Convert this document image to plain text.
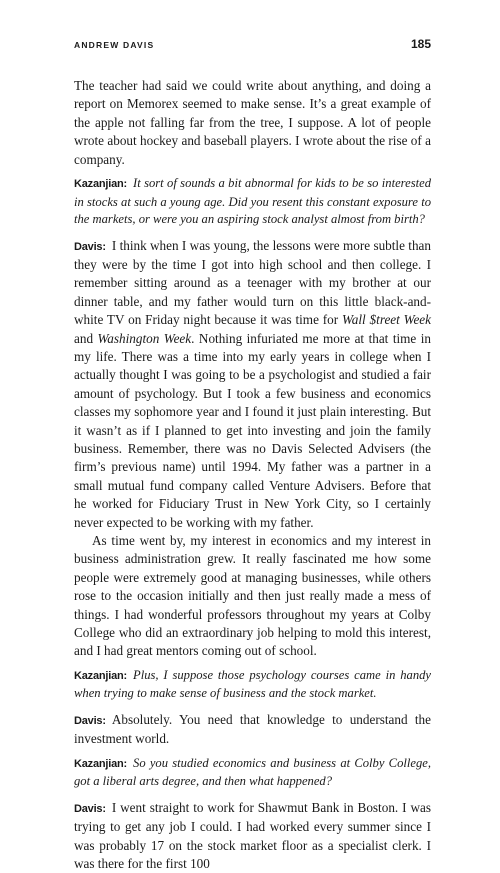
ANDREW DAVIS	185

The teacher had said we could write about anything, and doing a report on Memorex seemed to make sense. It’s a great example of the apple not falling far from the tree, I suppose. A lot of people wrote about hockey and baseball players. I wrote about the rise of a company.

Kazanjian: It sort of sounds a bit abnormal for kids to be so interested in stocks at such a young age. Did you resent this constant exposure to the markets, or were you an aspiring stock analyst almost from birth?

Davis: I think when I was young, the lessons were more subtle than they were by the time I got into high school and then college. I remember sitting around as a teenager with my brother at our dinner table, and my father would turn on this little black-and-white TV on Friday night because it was time for Wall $treet Week and Washington Week. Nothing infuriated me more at that time in my life. There was a time into my early years in college when I actually thought I was going to be a psychologist and studied a fair amount of psychology. But I took a few business and economics classes my sophomore year and I found it just plain interesting. But it wasn’t as if I planned to get into investing and join the family business. Remember, there was no Davis Selected Advisers (the firm’s previous name) until 1994. My father was a partner in a small mutual fund company called Venture Advisers. Before that he worked for Fiduciary Trust in New York City, so I certainly never expected to be working with my father.

As time went by, my interest in economics and my interest in business administration grew. It really fascinated me how some people were extremely good at managing businesses, while others rose to the occasion initially and then just really made a mess of things. I had wonderful professors throughout my years at Colby College who did an extraordinary job helping to mold this interest, and I had great mentors coming out of school.

Kazanjian: Plus, I suppose those psychology courses came in handy when trying to make sense of business and the stock market.

Davis: Absolutely. You need that knowledge to understand the investment world.

Kazanjian: So you studied economics and business at Colby College, got a liberal arts degree, and then what happened?

Davis: I went straight to work for Shawmut Bank in Boston. I was trying to get any job I could. I had worked every summer since I was probably 17 on the stock market floor as a specialist clerk. I was there for the first 100
